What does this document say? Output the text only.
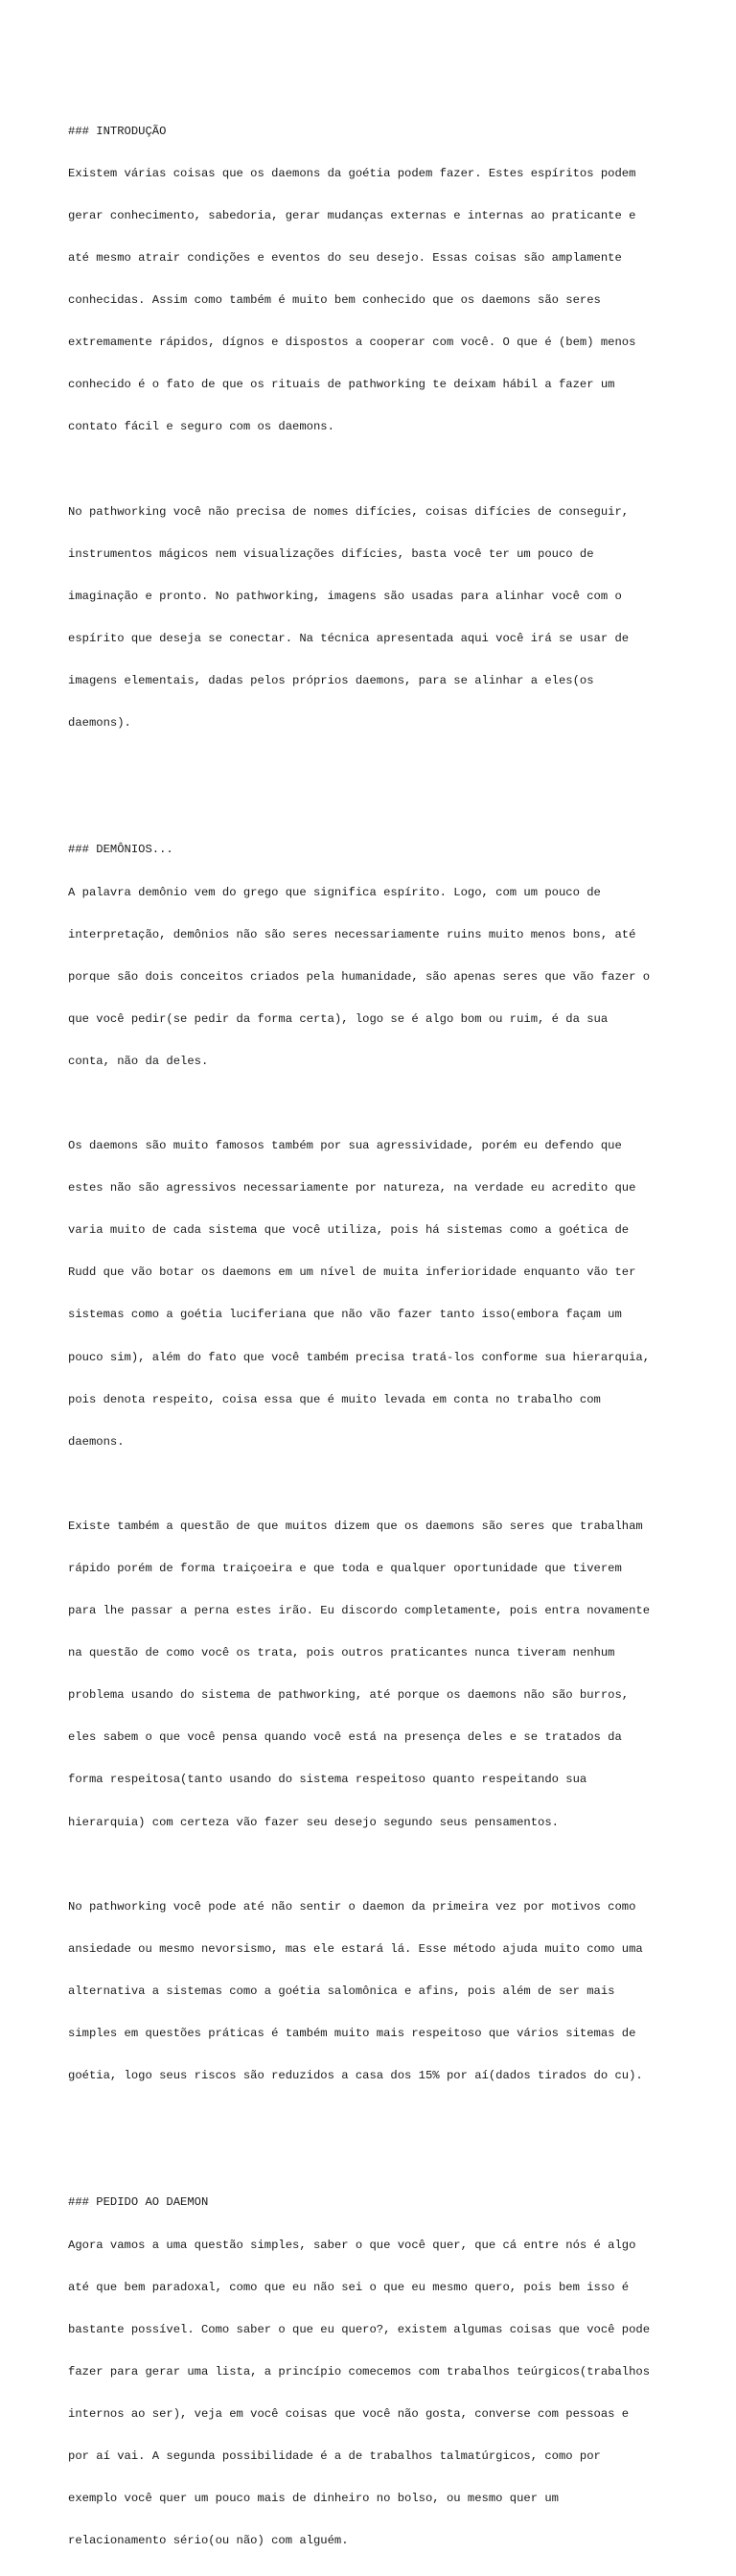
### INTRODUÇÃO

Existem várias coisas que os daemons da goétia podem fazer. Estes espíritos podem

gerar conhecimento, sabedoria, gerar mudanças externas e internas ao praticante e

até mesmo atrair condições e eventos do seu desejo. Essas coisas são amplamente

conhecidas. Assim como também é muito bem conhecido que os daemons são seres

extremamente rápidos, dígnos e dispostos a cooperar com você. O que é (bem) menos

conhecido é o fato de que os rituais de pathworking te deixam hábil a fazer um

contato fácil e seguro com os daemons.

No pathworking você não precisa de nomes difícies, coisas difícies de conseguir,

instrumentos mágicos nem visualizações difícies, basta você ter um pouco de

imaginação e pronto. No pathworking, imagens são usadas para alinhar você com o

espírito que deseja se conectar. Na técnica apresentada aqui você irá se usar de

imagens elementais, dadas pelos próprios daemons, para se alinhar a eles(os

daemons).

### DEMÔNIOS...

A palavra demônio vem do grego que significa espírito. Logo, com um pouco de

interpretação, demônios não são seres necessariamente ruins muito menos bons, até

porque são dois conceitos criados pela humanidade, são apenas seres que vão fazer o

que você pedir(se pedir da forma certa), logo se é algo bom ou ruim, é da sua

conta, não da deles.

Os daemons são muito famosos também por sua agressividade, porém eu defendo que

estes não são agressivos necessariamente por natureza, na verdade eu acredito que

varia muito de cada sistema que você utiliza, pois há sistemas como a goética de

Rudd que vão botar os daemons em um nível de muita inferioridade enquanto vão ter

sistemas como a goétia luciferiana que não vão fazer tanto isso(embora façam um

pouco sim), além do fato que você também precisa tratá-los conforme sua hierarquia,

pois denota respeito, coisa essa que é muito levada em conta no trabalho com

daemons.

Existe também a questão de que muitos dizem que os daemons são seres que trabalham

rápido porém de forma traiçoeira e que toda e qualquer oportunidade que tiverem

para lhe passar a perna estes irão. Eu discordo completamente, pois entra novamente

na questão de como você os trata, pois outros praticantes nunca tiveram nenhum

problema usando do sistema de pathworking, até porque os daemons não são burros,

eles sabem o que você pensa quando você está na presença deles e se tratados da

forma respeitosa(tanto usando do sistema respeitoso quanto respeitando sua

hierarquia) com certeza vão fazer seu desejo segundo seus pensamentos.

No pathworking você pode até não sentir o daemon da primeira vez por motivos como

ansiedade ou mesmo nevorsismo, mas ele estará lá. Esse método ajuda muito como uma

alternativa a sistemas como a goétia salomônica e afins, pois além de ser mais

simples em questões práticas é também muito mais respeitoso que vários sitemas de

goétia, logo seus riscos são reduzidos a casa dos 15% por aí(dados tirados do cu).

### PEDIDO AO DAEMON

Agora vamos a uma questão simples, saber o que você quer, que cá entre nós é algo

até que bem paradoxal, como que eu não sei o que eu mesmo quero, pois bem isso é

bastante possível. Como saber o que eu quero?, existem algumas coisas que você pode

fazer para gerar uma lista, a princípio comecemos com trabalhos teúrgicos(trabalhos

internos ao ser), veja em você coisas que você não gosta, converse com pessoas e

por aí vai. A segunda possibilidade é a de trabalhos talmatúrgicos, como por

exemplo você quer um pouco mais de dinheiro no bolso, ou mesmo quer um

relacionamento sério(ou não) com alguém.
